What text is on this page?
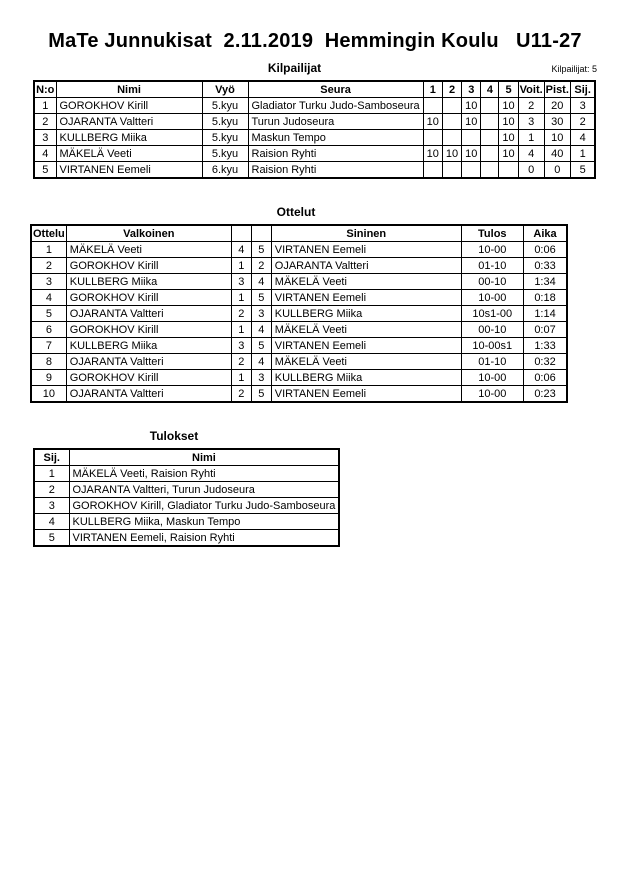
MaTe Junnukisat  2.11.2019  Hemmingin Koulu   U11-27
Kilpailijat	Kilpailijat: 5
N:o	Nimi	Vyö	Seura	1	2	3	4	5	Voit.	Pist.	Sij.
1	GOROKHOV Kirill	5.kyu	Gladiator Turku Judo-Samboseura			10		10	2	20	3
2	OJARANTA Valtteri	5.kyu	Turun Judoseura	10		10		10	3	30	2
3	KULLBERG Miika	5.kyu	Maskun Tempo					10	1	10	4
4	MÄKELÄ Veeti	5.kyu	Raision Ryhti	10	10	10		10	4	40	1
5	VIRTANEN Eemeli	6.kyu	Raision Ryhti						0	0	5
Ottelut
Ottelu	Valkoinen			Sininen	Tulos	Aika
1	MÄKELÄ Veeti	4	5	VIRTANEN Eemeli	10-00	0:06
2	GOROKHOV Kirill	1	2	OJARANTA Valtteri	01-10	0:33
3	KULLBERG Miika	3	4	MÄKELÄ Veeti	00-10	1:34
4	GOROKHOV Kirill	1	5	VIRTANEN Eemeli	10-00	0:18
5	OJARANTA Valtteri	2	3	KULLBERG Miika	10s1-00	1:14
6	GOROKHOV Kirill	1	4	MÄKELÄ Veeti	00-10	0:07
7	KULLBERG Miika	3	5	VIRTANEN Eemeli	10-00s1	1:33
8	OJARANTA Valtteri	2	4	MÄKELÄ Veeti	01-10	0:32
9	GOROKHOV Kirill	1	3	KULLBERG Miika	10-00	0:06
10	OJARANTA Valtteri	2	5	VIRTANEN Eemeli	10-00	0:23
Tulokset
Sij.	Nimi
1	MÄKELÄ Veeti, Raision Ryhti
2	OJARANTA Valtteri, Turun Judoseura
3	GOROKHOV Kirill, Gladiator Turku Judo-Samboseura
4	KULLBERG Miika, Maskun Tempo
5	VIRTANEN Eemeli, Raision Ryhti
